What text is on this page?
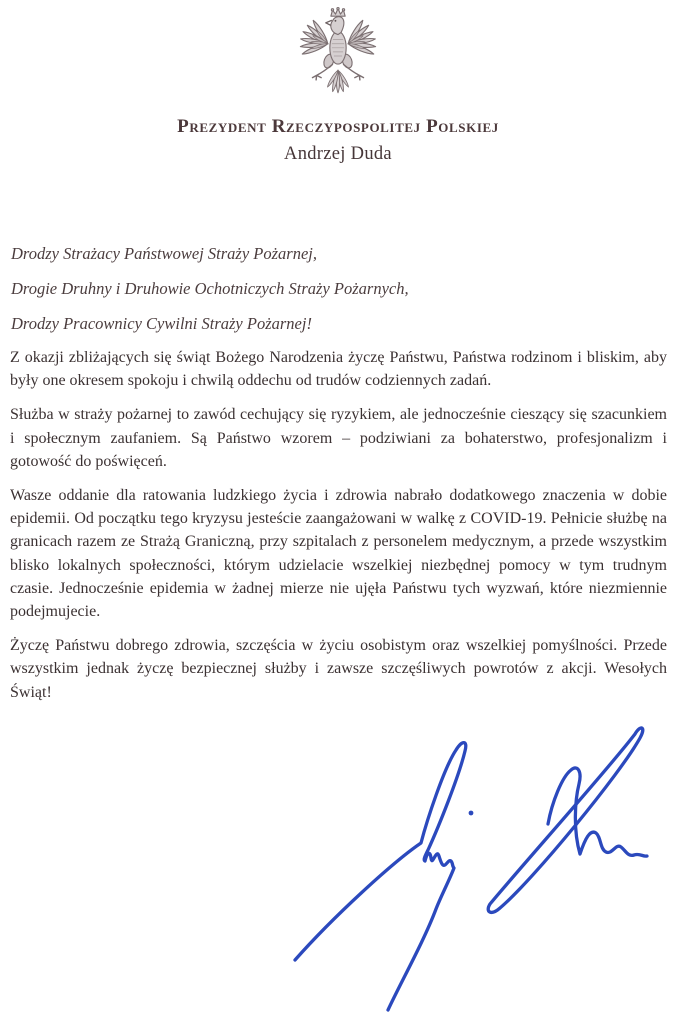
Prezydent Rzeczypospolitej Polskiej
Andrzej Duda
Drodzy Strażacy Państwowej Straży Pożarnej,
Drogie Druhny i Druhowie Ochotniczych Straży Pożarnych,
Drodzy Pracownicy Cywilni Straży Pożarnej!

Z okazji zbliżających się świąt Bożego Narodzenia życzę Państwu, Państwa rodzinom i bliskim, aby były one okresem spokoju i chwilą oddechu od trudów codziennych zadań.

Służba w straży pożarnej to zawód cechujący się ryzykiem, ale jednocześnie cieszący się szacunkiem i społecznym zaufaniem. Są Państwo wzorem – podziwiani za bohaterstwo, profesjonalizm i gotowość do poświęceń.

Wasze oddanie dla ratowania ludzkiego życia i zdrowia nabrało dodatkowego znaczenia w dobie epidemii. Od początku tego kryzysu jesteście zaangażowani w walkę z COVID-19. Pełnicie służbę na granicach razem ze Strażą Graniczną, przy szpitalach z personelem medycznym, a przede wszystkim blisko lokalnych społeczności, którym udzielacie wszelkiej niezbędnej pomocy w tym trudnym czasie. Jednocześnie epidemia w żadnej mierze nie ujęła Państwu tych wyzwań, które niezmiennie podejmujecie.

Życzę Państwu dobrego zdrowia, szczęścia w życiu osobistym oraz wszelkiej pomyślności. Przede wszystkim jednak życzę bezpiecznej służby i zawsze szczęśliwych powrotów z akcji. Wesołych Świąt!
